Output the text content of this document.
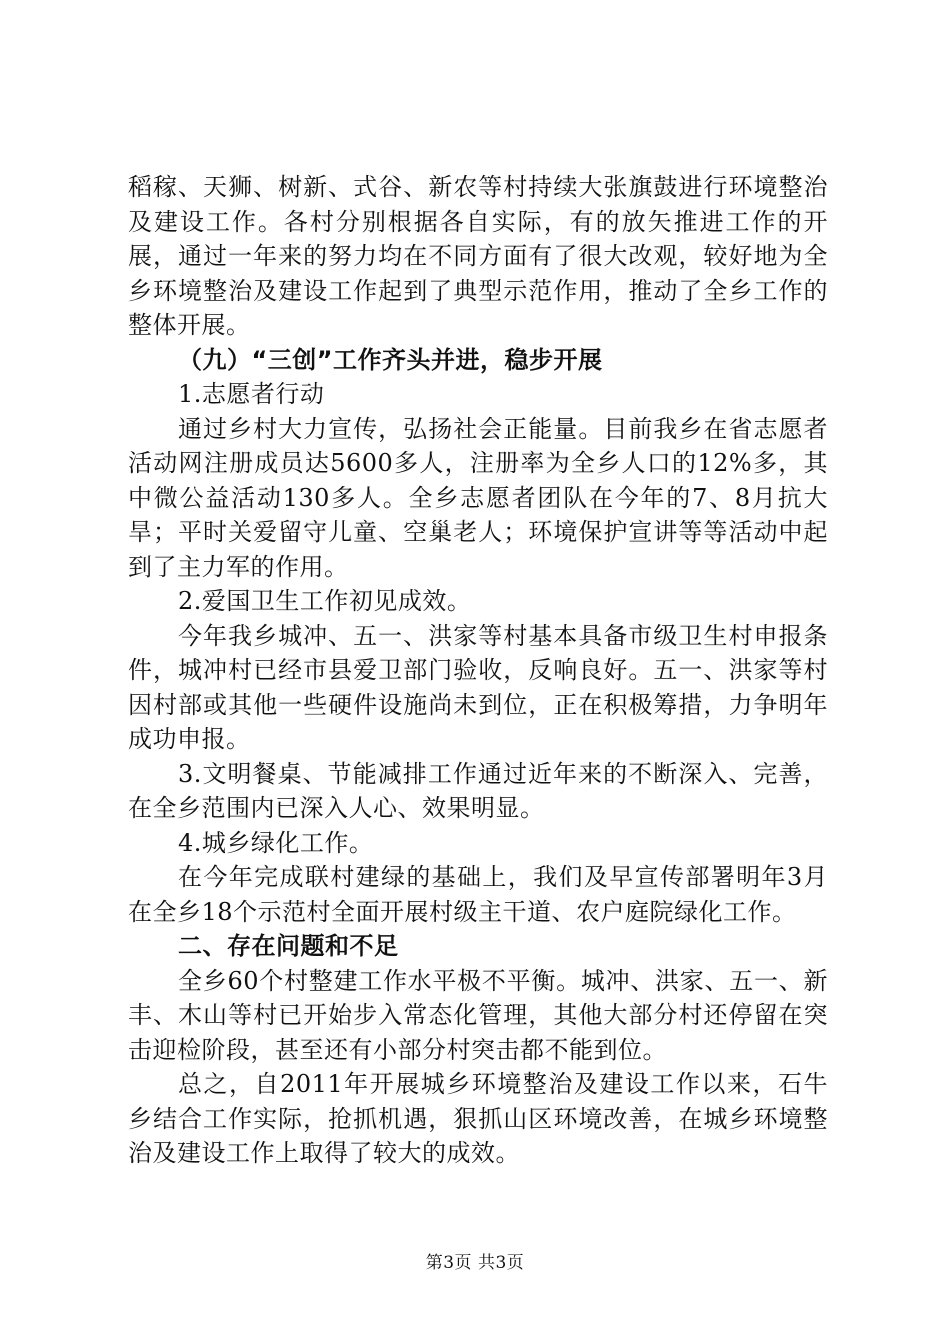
稻稼、天狮、树新、式谷、新农等村持续大张旗鼓进行环境整治及建设工作。各村分别根据各自实际，有的放矢推进工作的开展，通过一年来的努力均在不同方面有了很大改观，较好地为全乡环境整治及建设工作起到了典型示范作用，推动了全乡工作的整体开展。

（九）“三创”工作齐头并进，稳步开展

1.志愿者行动

通过乡村大力宣传，弘扬社会正能量。目前我乡在省志愿者活动网注册成员达5600多人，注册率为全乡人口的12%多，其中微公益活动130多人。全乡志愿者团队在今年的7、8月抗大旱；平时关爱留守儿童、空巢老人；环境保护宣讲等等活动中起到了主力军的作用。

2.爱国卫生工作初见成效。

今年我乡城冲、五一、洪家等村基本具备市级卫生村申报条件，城冲村已经市县爱卫部门验收，反响良好。五一、洪家等村因村部或其他一些硬件设施尚未到位，正在积极筹措，力争明年成功申报。

3.文明餐桌、节能减排工作通过近年来的不断深入、完善，在全乡范围内已深入人心、效果明显。

4.城乡绿化工作。

在今年完成联村建绿的基础上，我们及早宣传部署明年3月在全乡18个示范村全面开展村级主干道、农户庭院绿化工作。

二、存在问题和不足

全乡60个村整建工作水平极不平衡。城冲、洪家、五一、新丰、木山等村已开始步入常态化管理，其他大部分村还停留在突击迎检阶段，甚至还有小部分村突击都不能到位。

总之，自2011年开展城乡环境整治及建设工作以来，石牛乡结合工作实际，抢抓机遇，狠抓山区环境改善，在城乡环境整治及建设工作上取得了较大的成效。

第3页 共3页
